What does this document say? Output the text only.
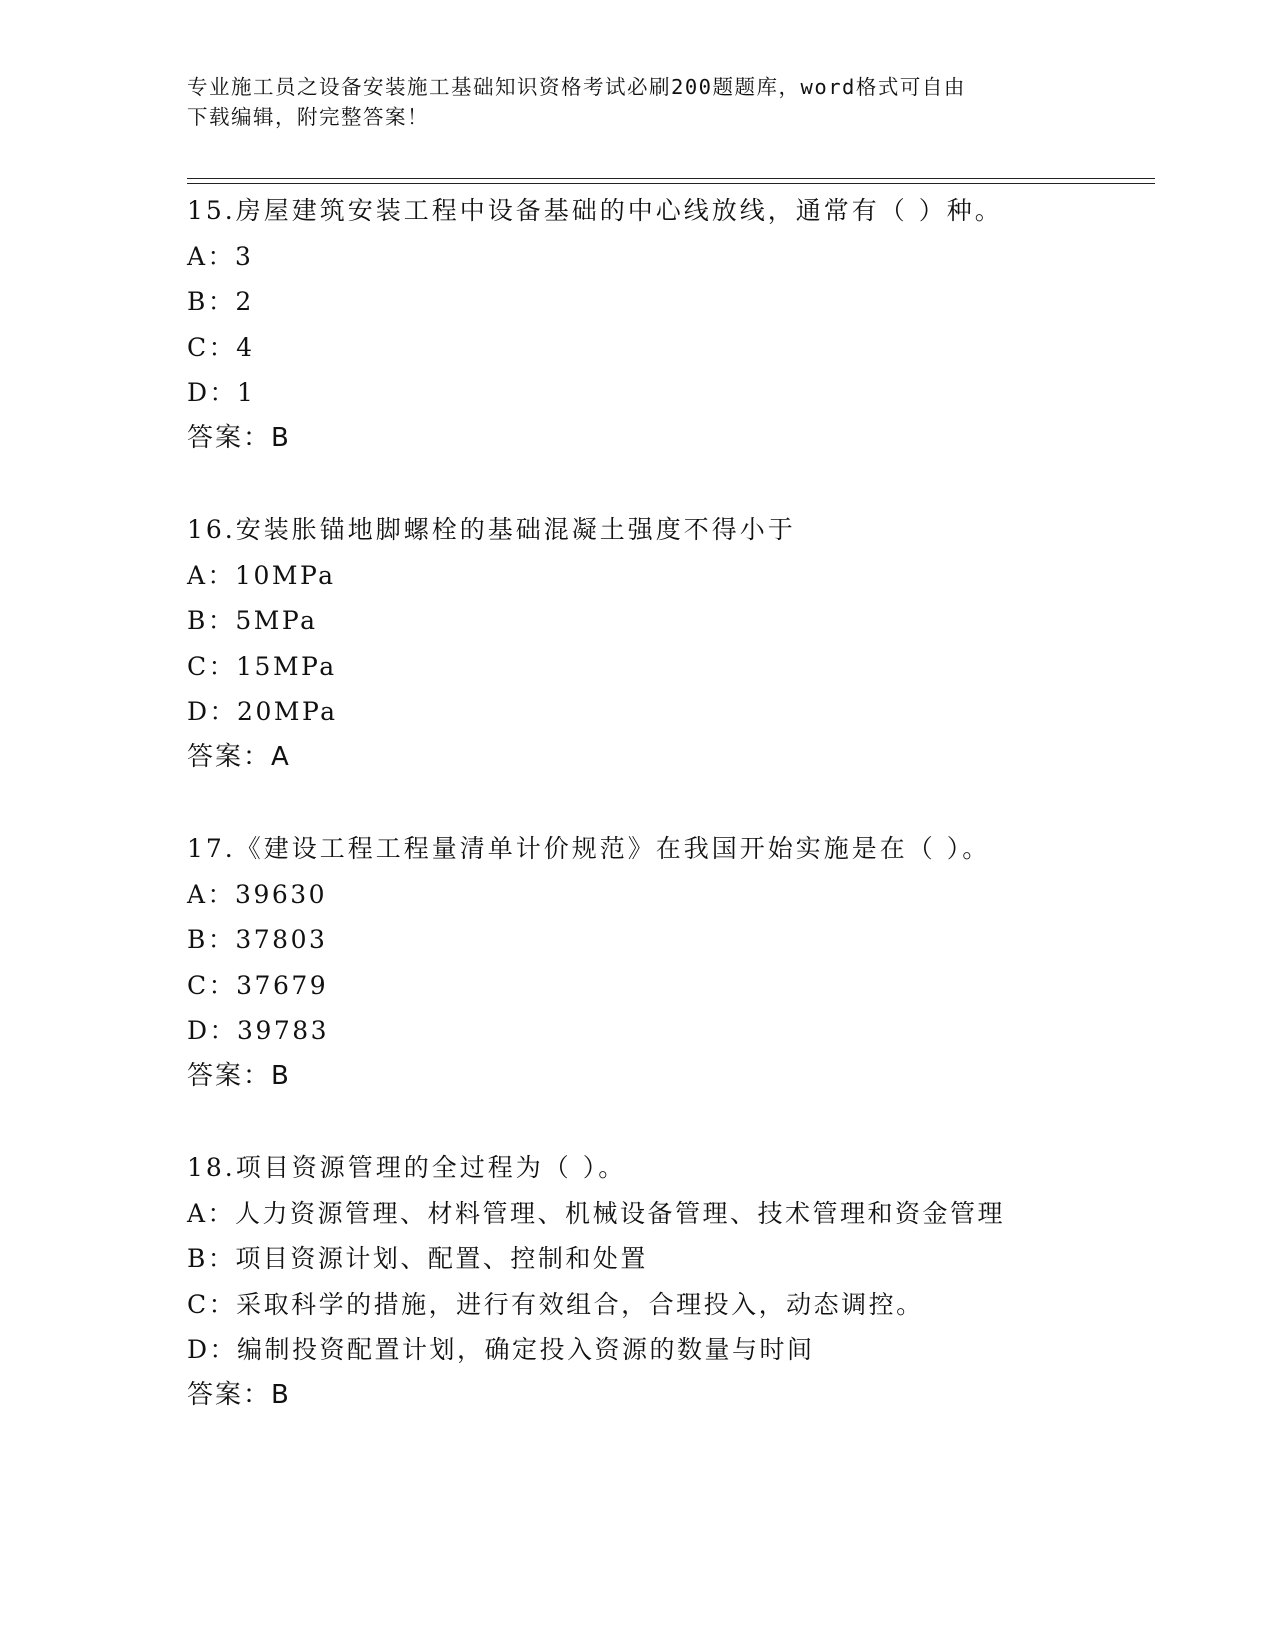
专业施工员之设备安装施工基础知识资格考试必刷200题题库，word格式可自由
下载编辑，附完整答案！
15.房屋建筑安装工程中设备基础的中心线放线，通常有（ ）种。
A：3
B：2
C：4
D：1
答案：B
16.安装胀锚地脚螺栓的基础混凝土强度不得小于
A：10MPa
B：5MPa
C：15MPa
D：20MPa
答案：A
17.《建设工程工程量清单计价规范》在我国开始实施是在（ ）。
A：39630
B：37803
C：37679
D：39783
答案：B
18.项目资源管理的全过程为（ ）。
A：人力资源管理、材料管理、机械设备管理、技术管理和资金管理
B：项目资源计划、配置、控制和处置
C：采取科学的措施，进行有效组合，合理投入，动态调控。
D：编制投资配置计划，确定投入资源的数量与时间
答案：B
